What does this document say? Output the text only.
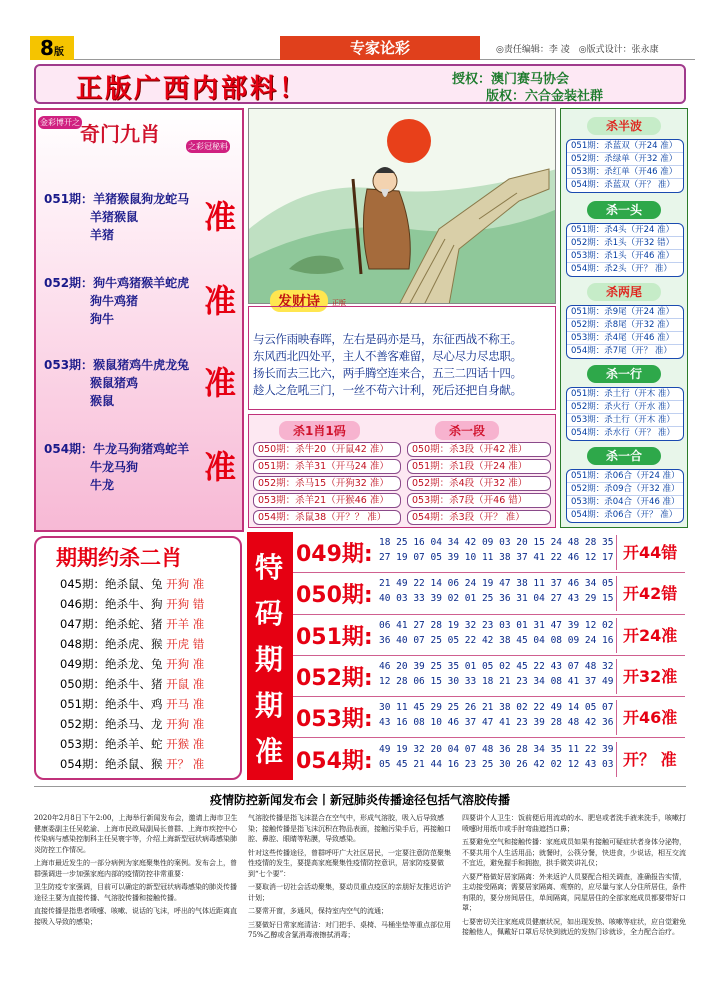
8版	专家论彩	◎责任编辑：李 凌　◎版式设计：张永康
正版广西内部料！	授权：澳门赛马协会
版权：六合金装社群
金彩博开之 奇门九肖
之彩冠秘料
051期：羊猪猴鼠狗龙蛇马
羊猪猴鼠
羊猪	准
052期：狗牛鸡猪猴羊蛇虎
狗牛鸡猪
狗牛	准
053期：猴鼠猪鸡牛虎龙兔
猴鼠猪鸡
猴鼠	准
054期：牛龙马狗猪鸡蛇羊
牛龙马狗
牛龙	准
发财诗	正版
与云作雨映春晖，左右是码亦是马，东征西战不称王。
东风西北四处平，主人不善客难留，尽心尽力尽忠职。
扬长而去三比六，两手腾空连来合，五三二四话十四。
趁人之危吼三门，一丝不苟六计利，死后还把自身献。
杀1肖1码	杀一段
050期：杀牛20（开鼠42 准）
051期：杀羊31（开马24 准）
052期：杀马15（开狗32 准）
053期：杀羊21（开猴46 准）
054期：杀鼠38（开？？ 准）
050期：杀3段（开42 准）
051期：杀1段（开24 准）
052期：杀4段（开32 准）
053期：杀7段（开46 错）
054期：杀3段（开？ 准）
杀半波
051期：杀蓝双（开24 准）
052期：杀绿单（开32 准）
053期：杀红单（开46 准）
054期：杀蓝双（开？ 准）
杀一头
051期：杀4头（开24 准）
052期：杀1头（开32 错）
053期：杀1头（开46 准）
054期：杀2头（开？ 准）
杀两尾
051期：杀9尾（开24 准）
052期：杀8尾（开32 准）
053期：杀4尾（开46 准）
054期：杀7尾（开？ 准）
杀一行
051期：杀土行（开木 准）
052期：杀火行（开水 准）
053期：杀土行（开木 准）
054期：杀水行（开？ 准）
杀一合
051期：杀06合（开24 准）
052期：杀09合（开32 准）
053期：杀04合（开46 准）
054期：杀06合（开？ 准）
期期约杀二肖
045期：绝杀鼠、兔 开狗 准
046期：绝杀牛、狗 开狗 错
047期：绝杀蛇、猪 开羊 准
048期：绝杀虎、猴 开虎 错
049期：绝杀龙、兔 开狗 准
050期：绝杀牛、猪 开鼠 准
051期：绝杀牛、鸡 开马 准
052期：绝杀马、龙 开狗 准
053期：绝杀羊、蛇 开猴 准
054期：绝杀鼠、猴 开？ 准
特
码
期
期
准
049期: 18 25 16 04 34 42 09 03 20 15 24 48 28 35
27 19 07 05 39 10 11 38 37 41 22 46 12 17 开44错
050期: 21 49 22 14 06 24 19 47 38 11 37 46 34 05
40 03 33 39 02 01 25 36 31 04 27 43 29 15 开42错
051期: 06 41 27 28 19 32 23 03 01 31 47 39 12 02
36 40 07 25 05 22 42 38 45 04 08 09 24 16 开24准
052期: 46 20 39 25 35 01 05 02 45 22 43 07 48 32
12 28 06 15 30 33 18 21 23 34 08 41 37 49 开32准
053期: 30 11 45 29 25 26 21 38 02 22 49 14 05 07
43 16 08 10 46 37 47 41 23 39 28 48 42 36 开46准
054期: 49 19 32 20 04 07 48 36 28 34 35 11 22 39
05 45 21 44 16 23 25 30 26 42 02 12 43 03 开？ 准
疫情防控新闻发布会丨新冠肺炎传播途径包括气溶胶传播

2020年2月8日下午2:00，上海举行新闻发布会，邀请上海市卫生健康委副主任吴乾渝、上海市民政局副局长曾群、上海市疾控中心传染病与感染控制科主任吴寰宇等，介绍上海新型冠状病毒感染肺炎防控工作情况。

上海市最近发生的一部分病例为家庭聚集性的案例。发布会上，曾群强调进一步加强家庭内部的疫情防控非常重要：

卫生防疫专家强调，目前可以确定的新型冠状病毒感染的肺炎传播途径主要为直接传播、气溶胶传播和接触传播。

直接传播是指患者喷嚏、咳嗽、说话的飞沫，呼出的气体近距离直接吸入导致的感染；

气溶胶传播是指飞沫混合在空气中，形成气溶胶，吸入后导致感染；接触传播是指飞沫沉积在物品表面，接触污染手后，再接触口腔、鼻腔、眼睛等粘膜，导致感染。

针对这些传播途径，曾群呼吁广大社区居民，一定要注意防范聚集性疫情的发生，要提高家庭聚集性疫情防控意识，居家防疫要做到“七个要”：

一要取消一切社会活动聚集，要动员重点疫区的亲朋好友推迟访沪计划；

二要常开窗，多通风，保持室内空气的流通；

三要做好日常家庭清洁：对门把手、桌椅、马桶坐垫等重点部位用75%乙醇或含氯消毒液擦拭消毒；

四要讲个人卫生：饭前便后用流动的水、肥皂或者洗手液来洗手，咳嗽打喷嚏时用纸巾或手肘弯曲遮挡口鼻；

五要避免空气和接触传播：家庭成员如果有接触可疑症状者身体分泌物，不要共用个人生活用品；就餐时，公筷分餐，快进食，少说话，相互交流不宜近，避免握手和拥抱，拱手微笑讲礼仪；

六要严格做好居家隔离：外来返沪人员要配合相关调查，准确报告实情，主动接受隔离；需要居家隔离、观察的，应尽量与家人分住所居住，条件有限的，要分房间居住，单间隔离，同屋居住的全部家庭成员都要带好口罩；

七要密切关注家庭成员健康状况，如出现发热、咳嗽等症状，应自觉避免接触他人，佩戴好口罩后尽快到就近的发热门诊就诊，全力配合治疗。
